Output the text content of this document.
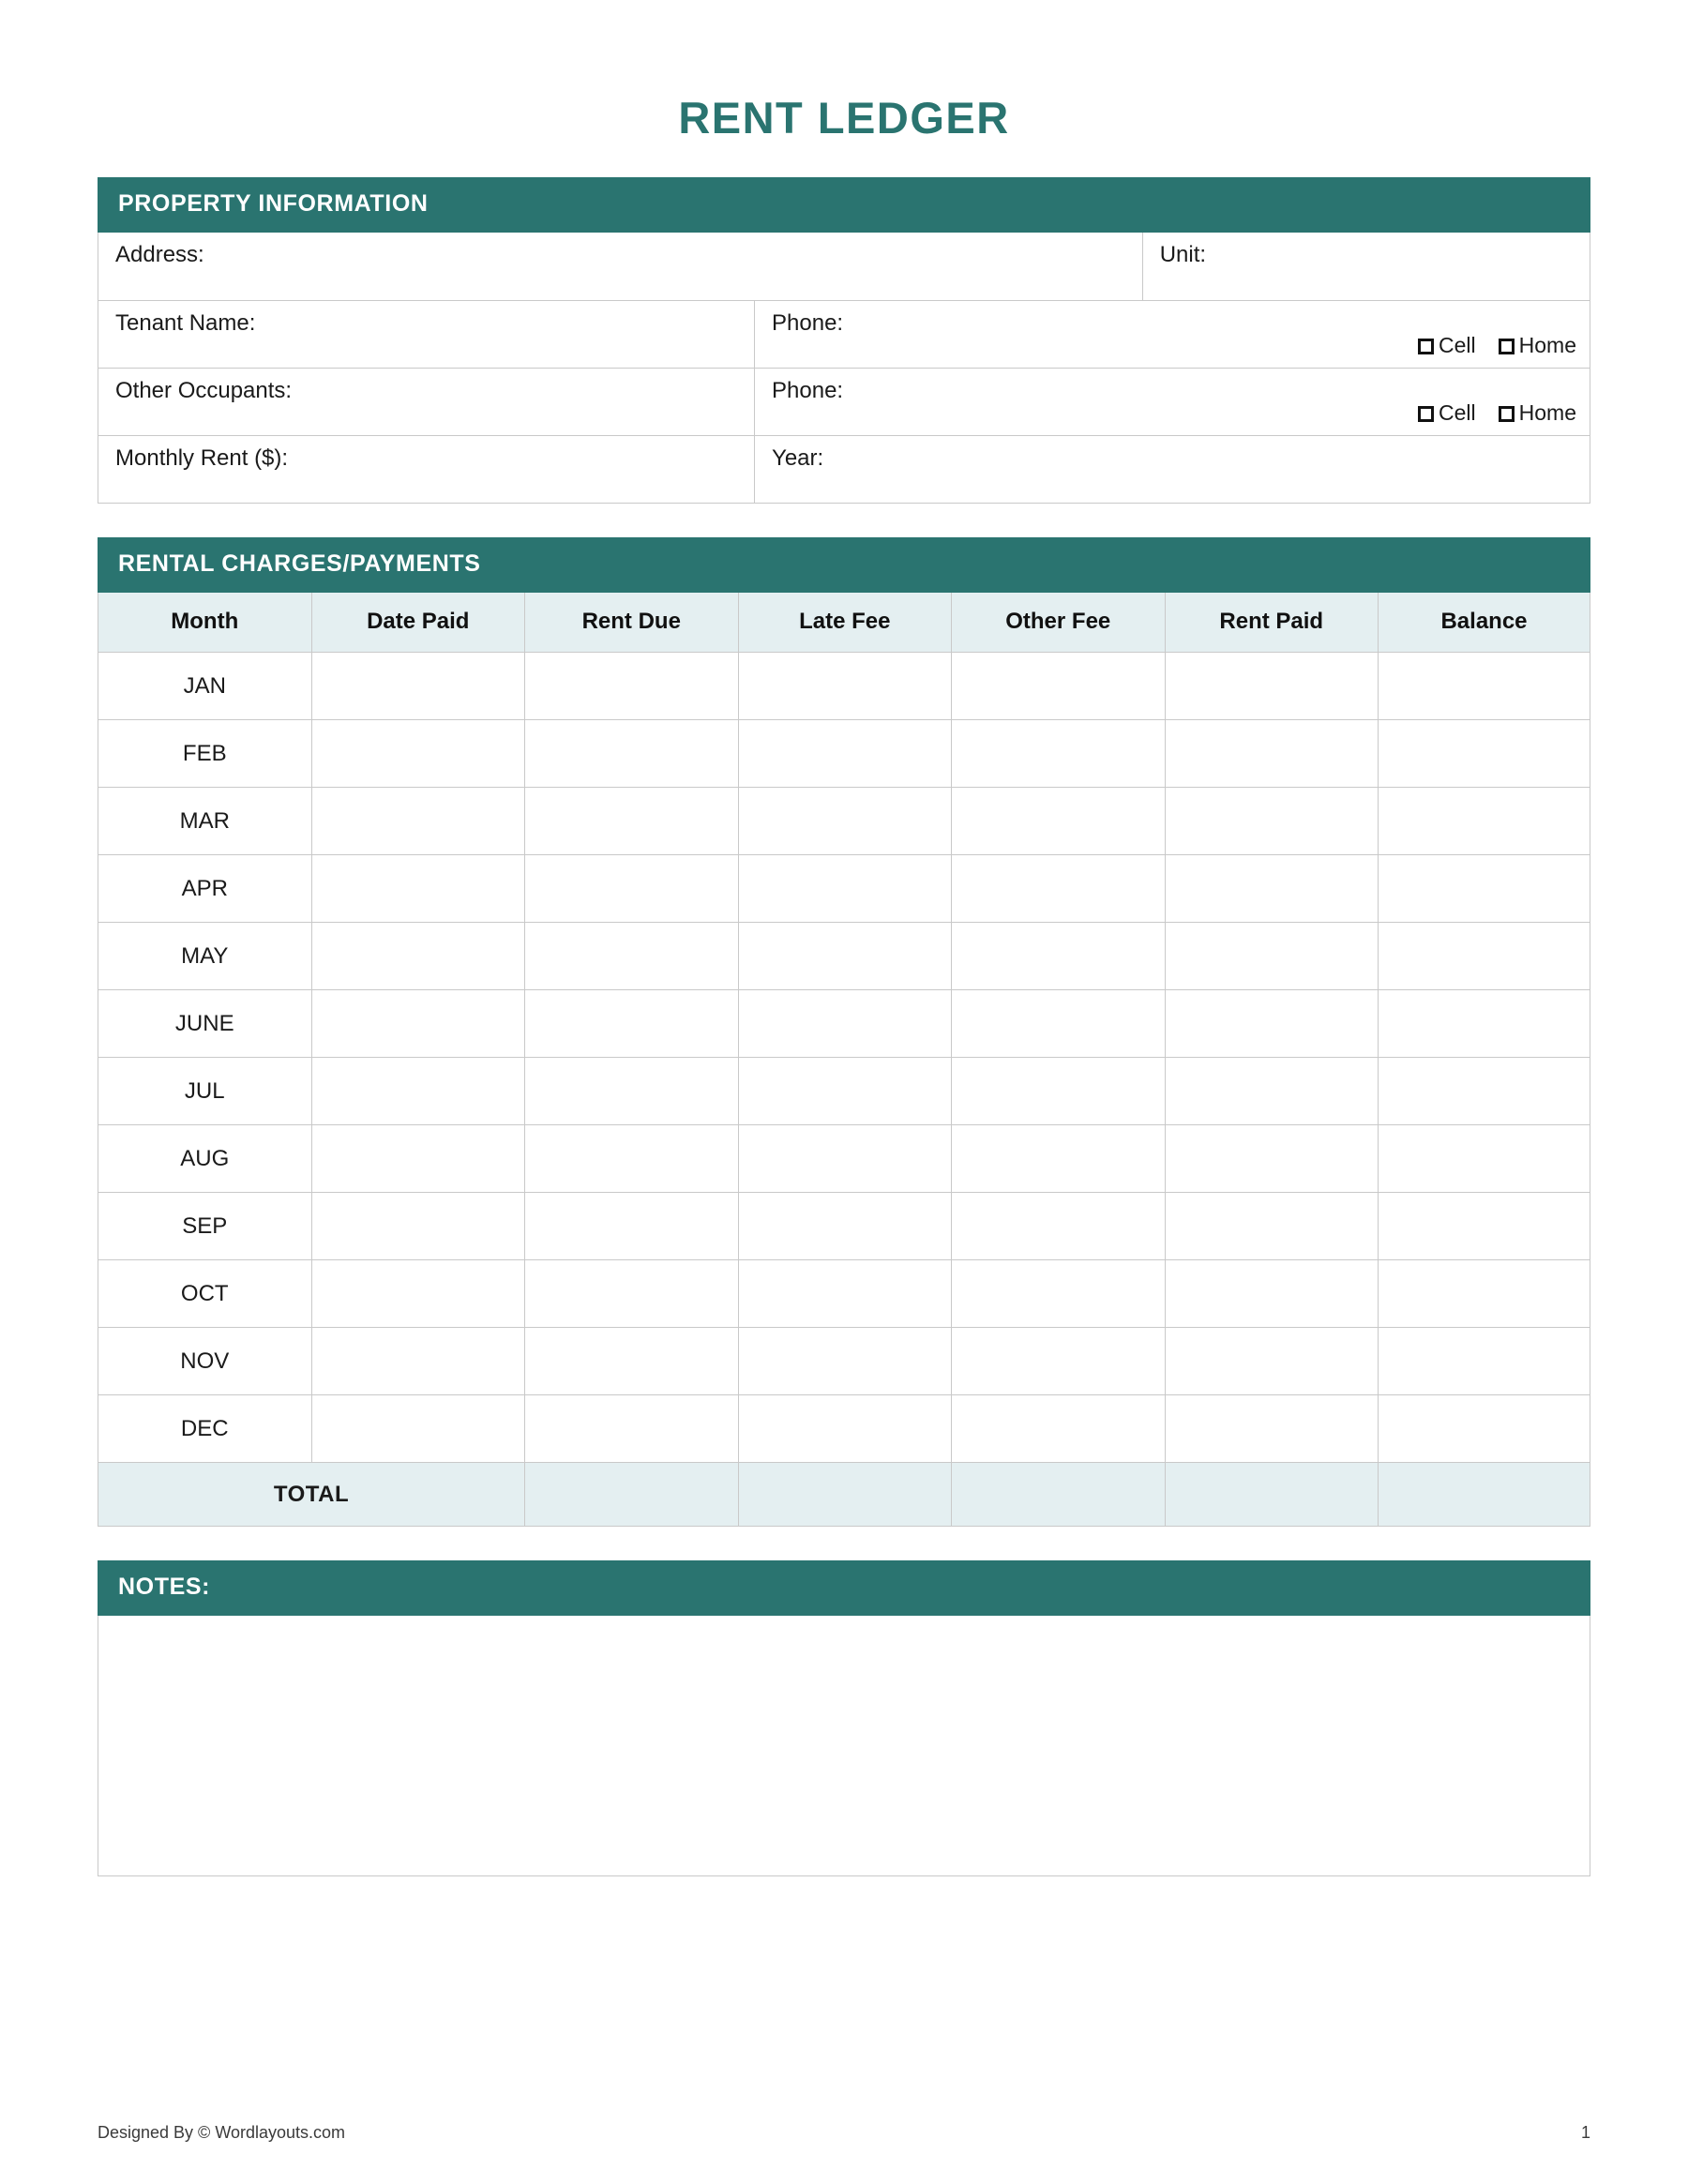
RENT LEDGER
PROPERTY INFORMATION
Address:		Unit:
Tenant Name:	Phone:
Cell Home	

Other Occupants:	Phone:
Cell Home	

Monthly Rent ($):	Year:	
RENTAL CHARGES/PAYMENTS
Month	Date Paid	Rent Due	Late Fee	Other Fee	Rent Paid	Balance
JAN						
FEB						
MAR						
APR						
MAY						
JUNE						
JUL						
AUG						
SEP						
OCT						
NOV						
DEC						
TOTAL						
NOTES:
Designed By © Wordlayouts.com	1
